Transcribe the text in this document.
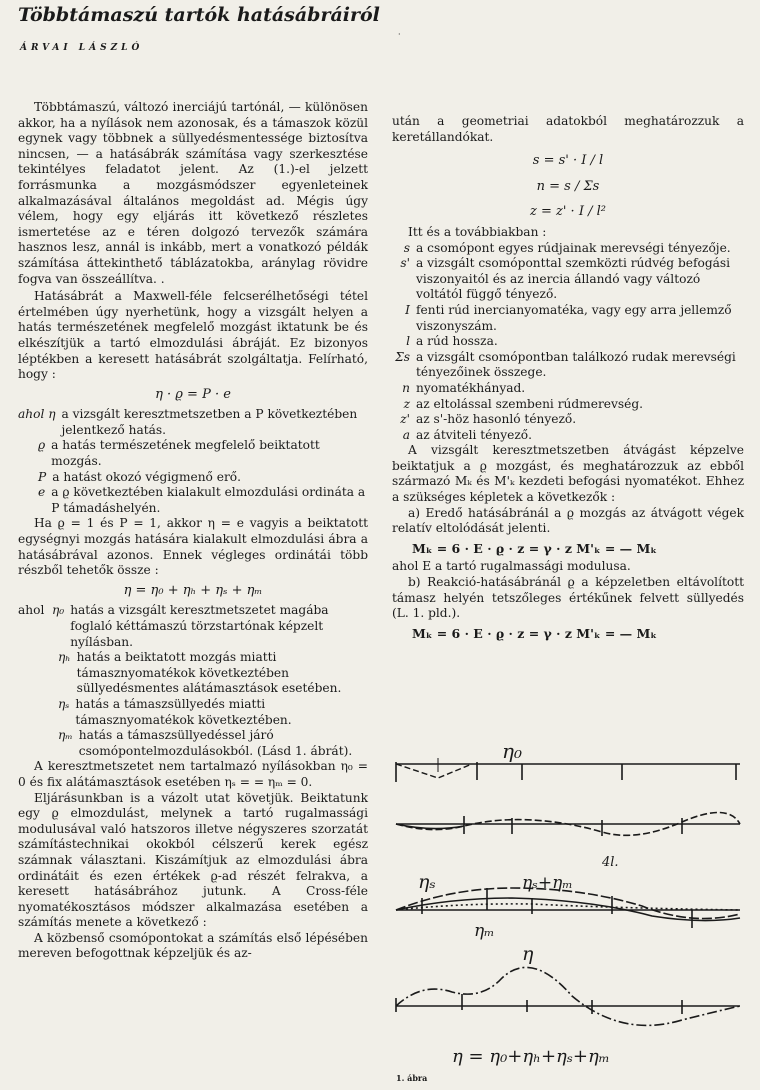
Többtámaszú tartók hatásábráiról
·
ÁRVAI LÁSZLÓ

Többtámaszú, változó inerciájú tartónál, — különösen akkor, ha a nyílások nem azonosak, és a támaszok közül egynek vagy többnek a süllyedésmentessége biztosítva nincsen, — a hatásábrák számítása vagy szerkesztése tekintélyes feladatot jelent. Az (1.)-el jelzett forrásmunka a mozgásmódszer egyenleteinek alkalmazásával általános megoldást ad. Mégis úgy vélem, hogy egy eljárás itt következő részletes ismertetése az e téren dolgozó tervezők számára hasznos lesz, annál is inkább, mert a vonatkozó példák számítása áttekinthető táblázatokba, aránylag rövidre fogva van összeállítva. .

Hatásábrát a Maxwell-féle felcserélhetőségi tétel értelmében úgy nyerhetünk, hogy a vizsgált helyen a hatás természetének megfelelő mozgást iktatunk be és elkészítjük a tartó elmozdulási ábráját. Ez bizonyos léptékben a keresett hatásábrát szolgáltatja. Felírható, hogy :

η · ϱ = P · e
ahol η a vizsgált keresztmetszetben a P következtében jelentkező hatás.
ϱ a hatás természetének megfelelő beiktatott mozgás.
P a hatást okozó végigmenő erő.
e a ϱ következtében kialakult elmozdulási ordináta a P támadáshelyén.

Ha ϱ = 1 és P = 1, akkor η = e vagyis a beiktatott egységnyi mozgás hatására kialakult elmozdulási ábra a hatásábrával azonos. Ennek végleges ordinátái több részből tehetők össze :

η = η₀ + ηₕ + ηₛ + ηₘ
ahol η₀ hatás a vizsgált keresztmetszetet magába foglaló kéttámaszú törzstartónak képzelt nyílásban.
ηₕ hatás a beiktatott mozgás miatti támasznyomatékok következtében süllyedésmentes alátámasztások esetében.
ηₛ hatás a támaszsüllyedés miatti támasznyomatékok következtében.
ηₘ hatás a támaszsüllyedéssel járó csomópontelmozdulásokból. (Lásd 1. ábrát).

A keresztmetszetet nem tartalmazó nyílásokban η₀ = 0 és fix alátámasztások esetében ηₛ = = ηₘ = 0.

Eljárásunkban is a vázolt utat követjük. Beiktatunk egy ϱ elmozdulást, melynek a tartó rugalmassági modulusával való hatszoros illetve négyszeres szorzatát számítástechnikai okokból célszerű kerek egész számnak választani. Kiszámítjuk az elmozdulási ábra ordinátáit és ezen értékek ϱ-ad részét felrakva, a keresett hatásábrához jutunk. A Cross-féle nyomatékosztásos módszer alkalmazása esetében a számítás menete a következő :

A közbenső csomópontokat a számítás első lépésében mereven befogottnak képzeljük és az-

után a geometriai adatokból meghatározzuk a keretállandókat.

s = s' · I / l
n = s / Σs
z = z' · I / l²

Itt és a továbbiakban :

s a csomópont egyes rúdjainak merevségi tényezője.
s' a vizsgált csomóponttal szemközti rúdvég befogási viszonyaitól és az inercia állandó vagy változó voltától függő tényező.
I fenti rúd inercianyomatéka, vagy egy arra jellemző viszonyszám.
l a rúd hossza.
Σs a vizsgált csomópontban találkozó rudak merevségi tényezőinek összege.
n nyomatékhányad.
z az eltolással szembeni rúdmerevség.
z' az s'-höz hasonló tényező.
a az átviteli tényező.

A vizsgált keresztmetszetben átvágást képzelve beiktatjuk a ϱ mozgást, és meghatározzuk az ebből származó Mₖ és M'ₖ kezdeti befogási nyomatékot. Ehhez a szükséges képletek a következők :

a) Eredő hatásábránál a ϱ mozgás az átvágott végek relatív eltolódását jelenti.

Mₖ = 6 · E · ϱ · z = γ · z M'ₖ = — Mₖ

ahol E a tartó rugalmassági modulusa.

b) Reakció-hatásábránál ϱ a képzeletben eltávolított támasz helyén tetszőleges értékűnek felvett süllyedés (L. 1. pld.).

Mₖ = 6 · E · ϱ · z = γ · z M'ₖ = — Mₖ
η₀
4l.
ηₛ	ηₛ+ηₘ
ηₘ
η
η = η₀+ηₕ+ηₛ+ηₘ
1. ábra
